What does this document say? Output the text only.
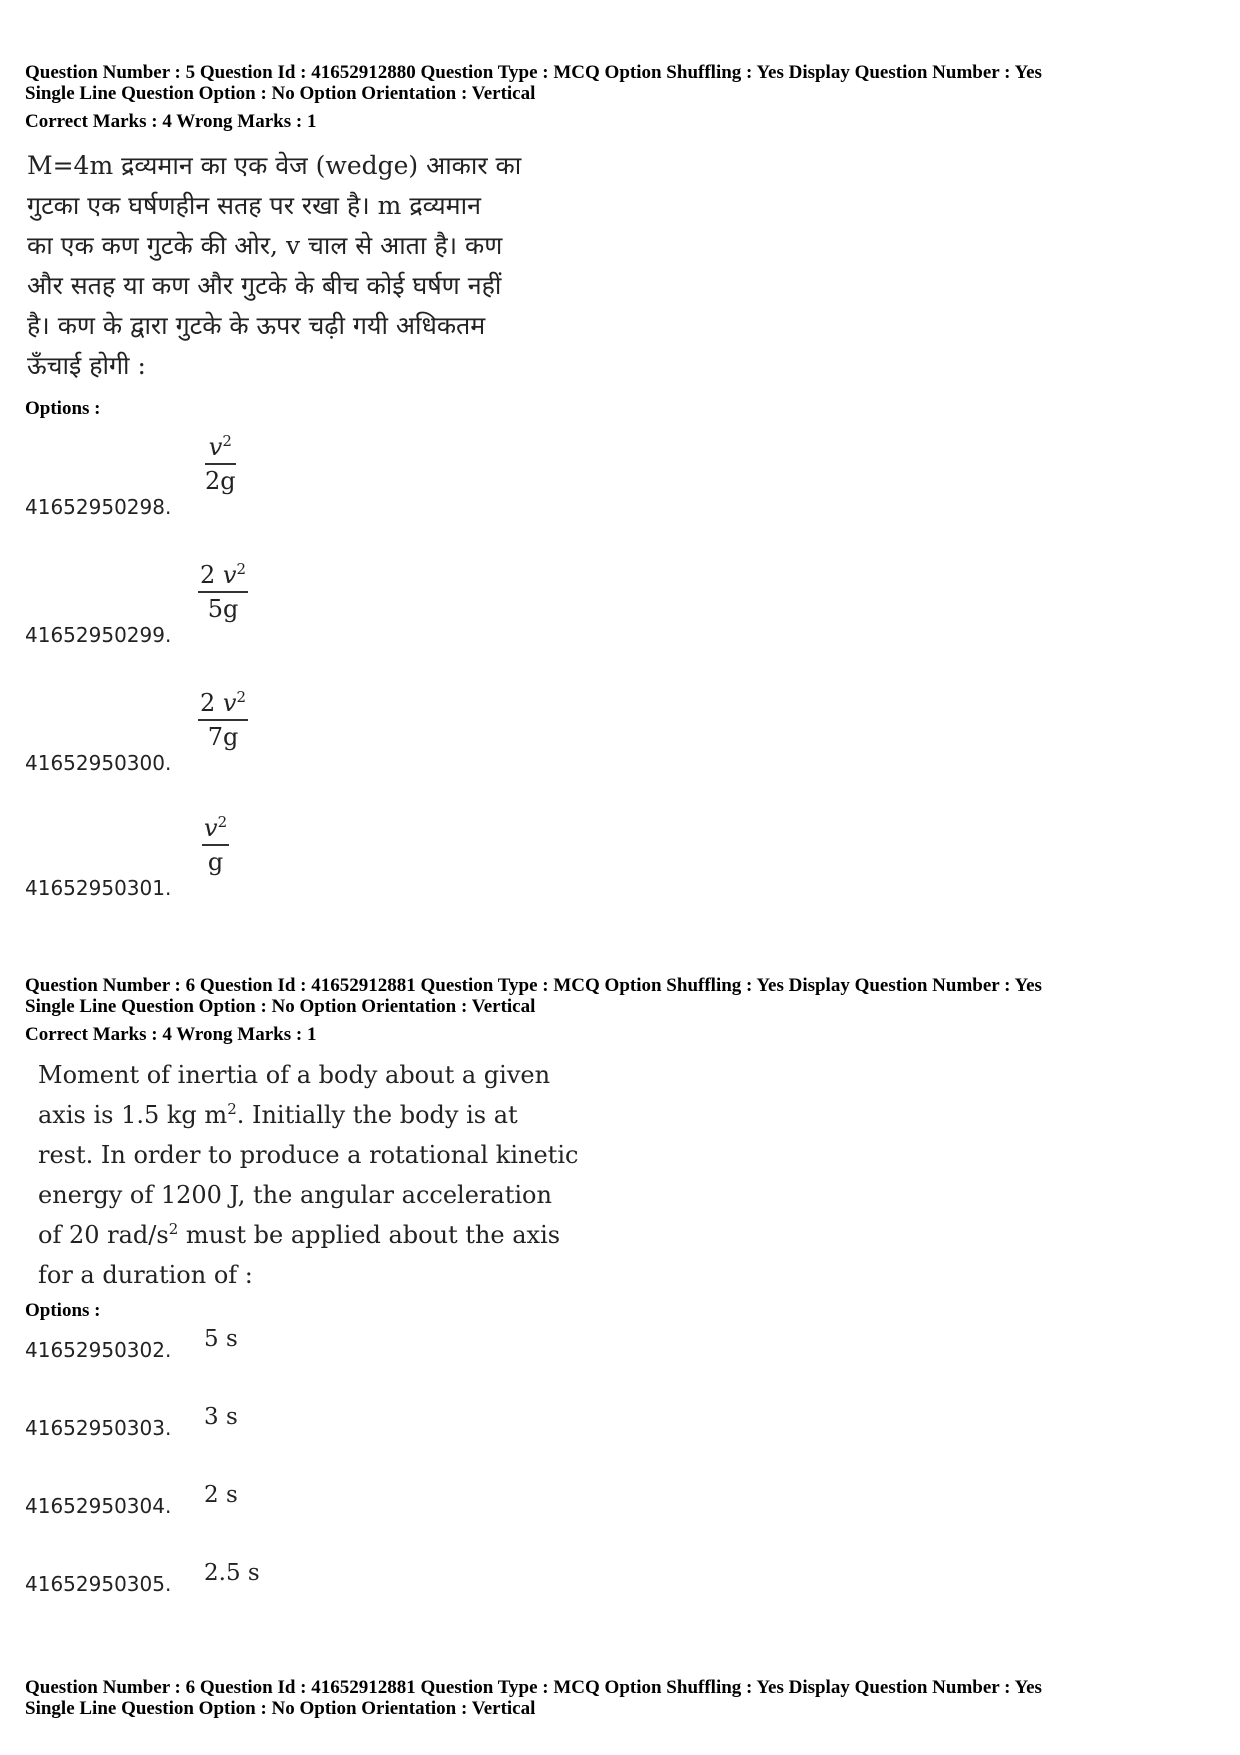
Question Number : 5 Question Id : 41652912880 Question Type : MCQ Option Shuffling : Yes Display Question Number : Yes
Single Line Question Option : No Option Orientation : Vertical
Correct Marks : 4 Wrong Marks : 1
M=4m द्रव्यमान का एक वेज (wedge) आकार का
गुटका एक घर्षणहीन सतह पर रखा है। m द्रव्यमान
का एक कण गुटके की ओर, v चाल से आता है। कण
और सतह या कण और गुटके के बीच कोई घर्षण नहीं
है। कण के द्वारा गुटके के ऊपर चढ़ी गयी अधिकतम
ऊँचाई होगी :
Options :
41652950298.
$v^2$
2g
41652950299.
2 $v^2$
5g
41652950300.
2 $v^2$
7g
41652950301.
$v^2$
g
Question Number : 6 Question Id : 41652912881 Question Type : MCQ Option Shuffling : Yes Display Question Number : Yes
Single Line Question Option : No Option Orientation : Vertical
Correct Marks : 4 Wrong Marks : 1
Moment of inertia of a body about a given
axis is 1.5 kg $m^2$. Initially the body is at
rest. In order to produce a rotational kinetic
energy of 1200 J, the angular acceleration
of 20 rad/$s^2$ must be applied about the axis
for a duration of :
Options :
41652950302. 5 s
41652950303. 3 s
41652950304. 2 s
41652950305. 2.5 s
Question Number : 6 Question Id : 41652912881 Question Type : MCQ Option Shuffling : Yes Display Question Number : Yes
Single Line Question Option : No Option Orientation : Vertical
